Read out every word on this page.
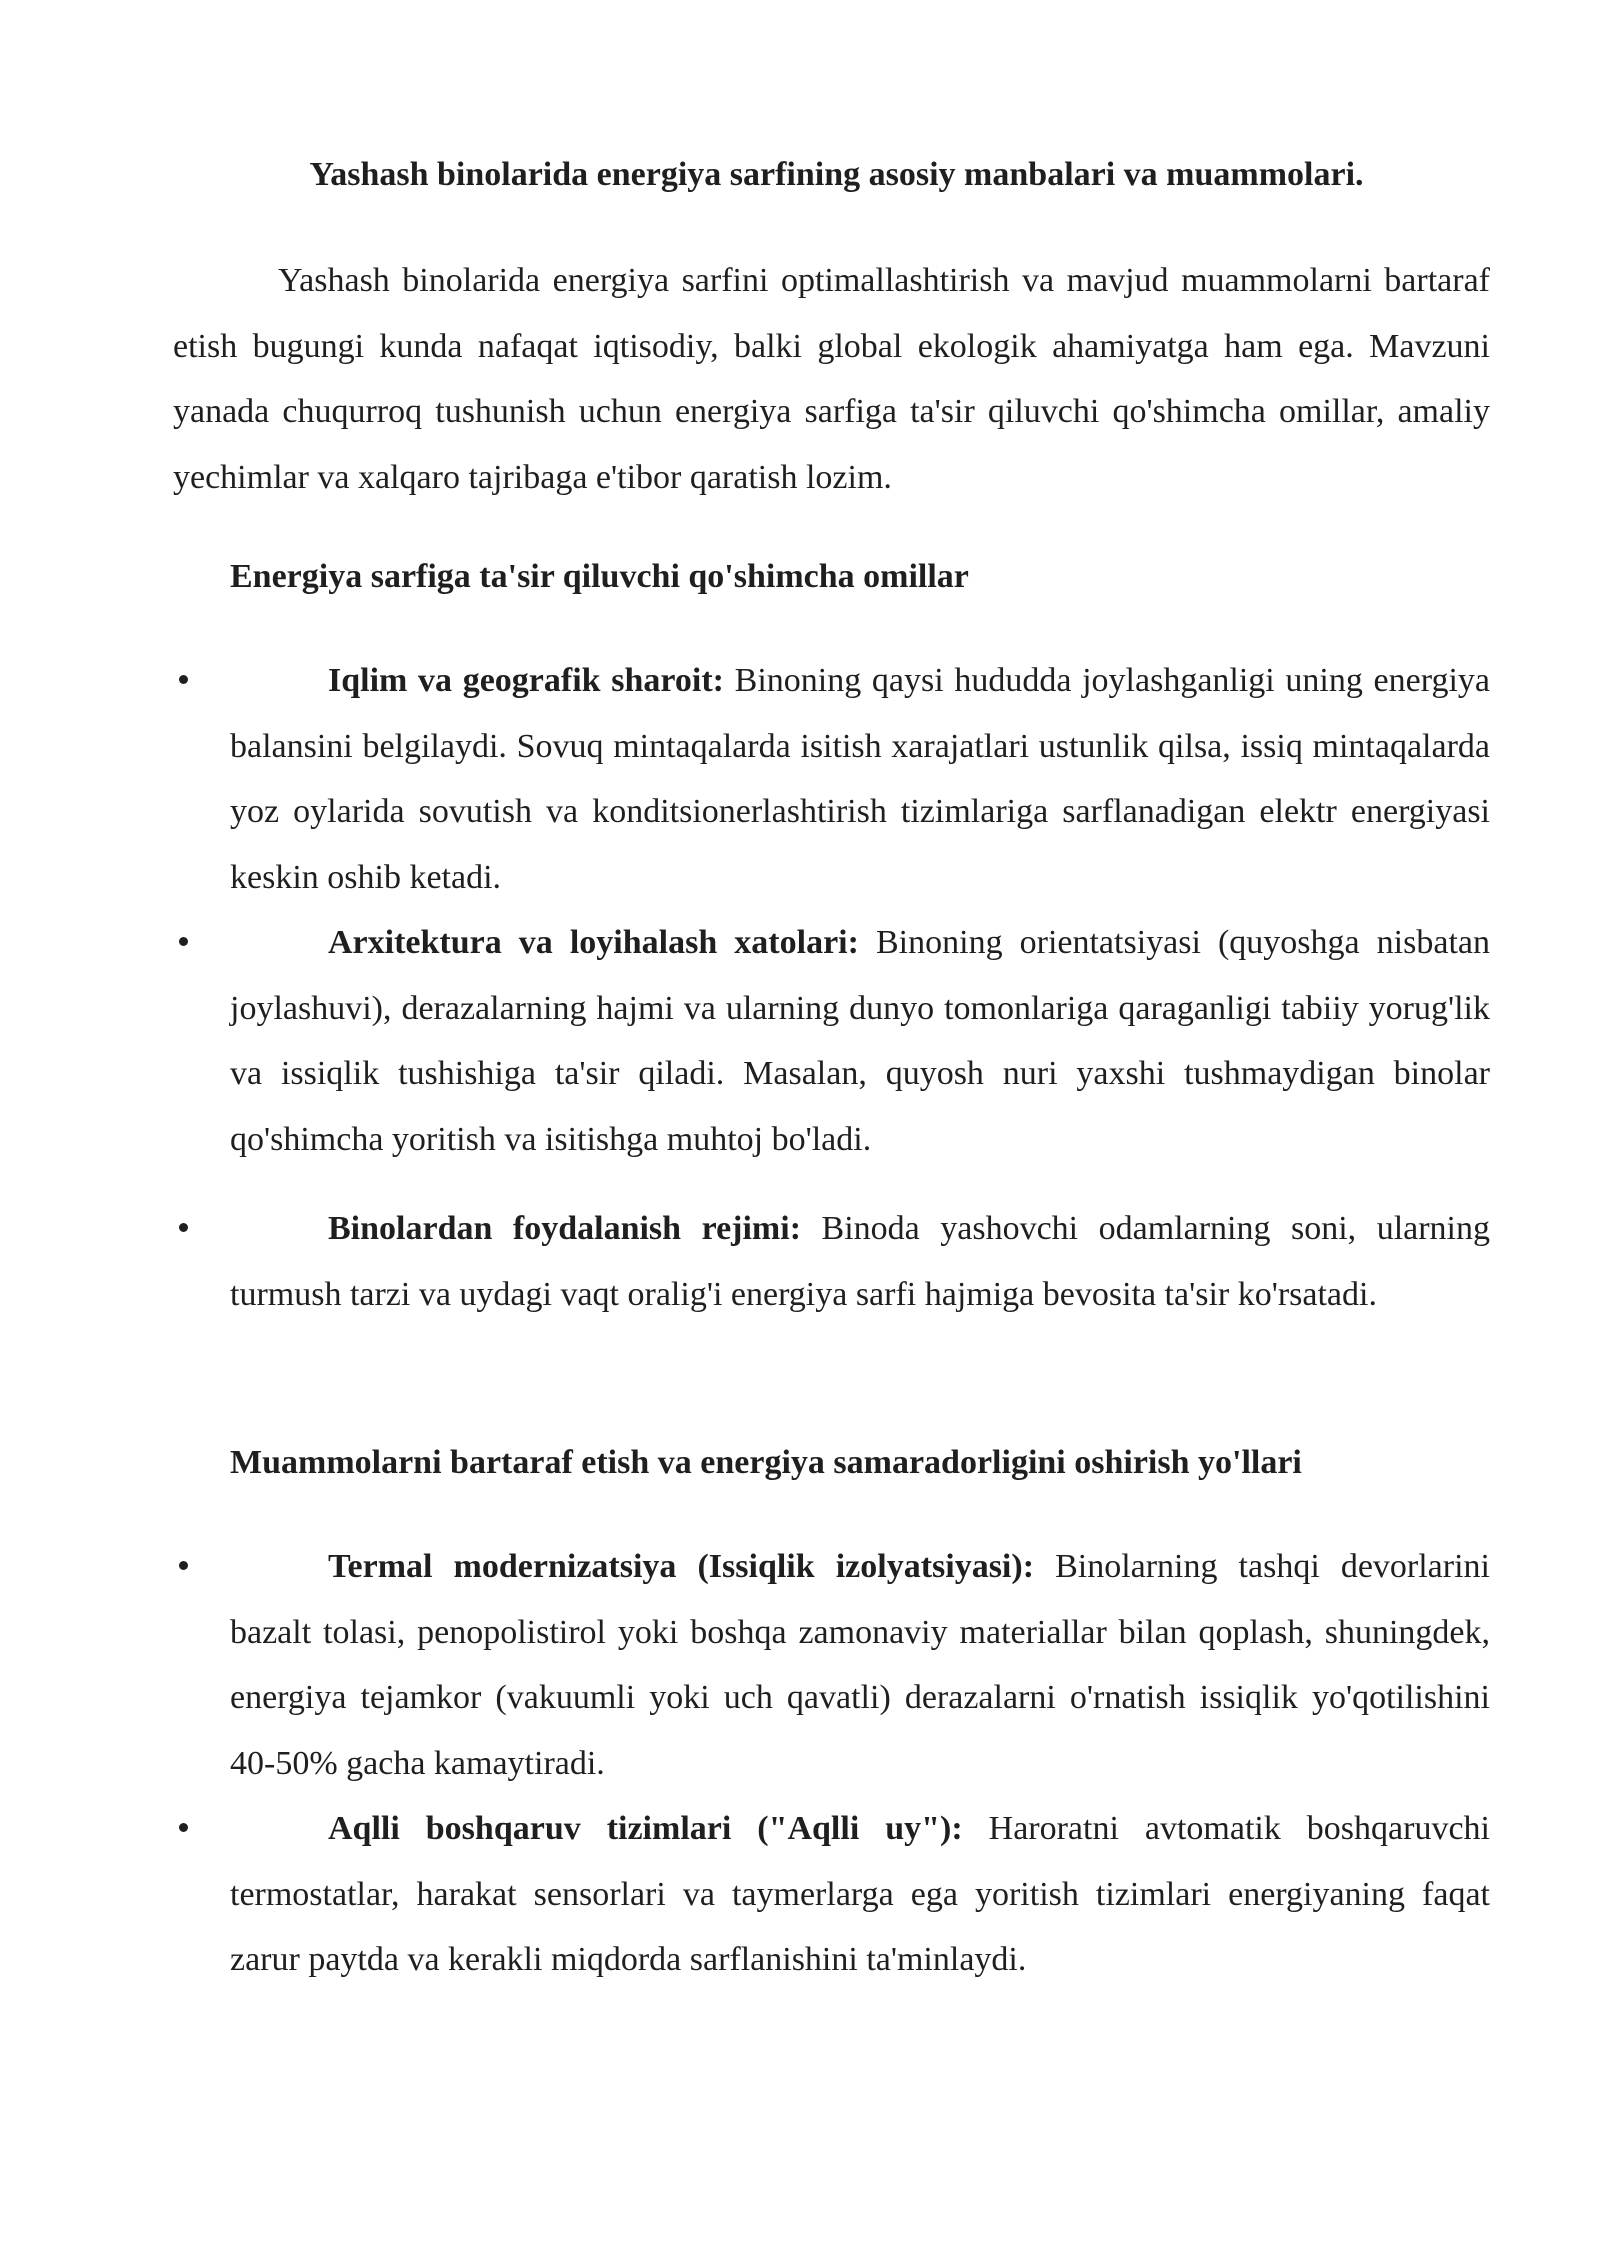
Yashash binolarida energiya sarfining asosiy manbalari va muammolari.

Yashash binolarida energiya sarfini optimallashtirish va mavjud muammolarni bartaraf etish bugungi kunda nafaqat iqtisodiy, balki global ekologik ahamiyatga ham ega. Mavzuni yanada chuqurroq tushunish uchun energiya sarfiga ta'sir qiluvchi qo'shimcha omillar, amaliy yechimlar va xalqaro tajribaga e'tibor qaratish lozim.

Energiya sarfiga ta'sir qiluvchi qo'shimcha omillar

Iqlim va geografik sharoit: Binoning qaysi hududda joylashganligi uning energiya balansini belgilaydi. Sovuq mintaqalarda isitish xarajatlari ustunlik qilsa, issiq mintaqalarda yoz oylarida sovutish va konditsionerlashtirish tizimlariga sarflanadigan elektr energiyasi keskin oshib ketadi.

Arxitektura va loyihalash xatolari: Binoning orientatsiyasi (quyoshga nisbatan joylashuvi), derazalarning hajmi va ularning dunyo tomonlariga qaraganligi tabiiy yorug'lik va issiqlik tushishiga ta'sir qiladi. Masalan, quyosh nuri yaxshi tushmaydigan binolar qo'shimcha yoritish va isitishga muhtoj bo'ladi.

Binolardan foydalanish rejimi: Binoda yashovchi odamlarning soni, ularning turmush tarzi va uydagi vaqt oralig'i energiya sarfi hajmiga bevosita ta'sir ko'rsatadi.

Muammolarni bartaraf etish va energiya samaradorligini oshirish yo'llari

Termal modernizatsiya (Issiqlik izolyatsiyasi): Binolarning tashqi devorlarini bazalt tolasi, penopolistirol yoki boshqa zamonaviy materiallar bilan qoplash, shuningdek, energiya tejamkor (vakuumli yoki uch qavatli) derazalarni o'rnatish issiqlik yo'qotilishini 40-50% gacha kamaytiradi.

Aqlli boshqaruv tizimlari ("Aqlli uy"): Haroratni avtomatik boshqaruvchi termostatlar, harakat sensorlari va taymerlarga ega yoritish tizimlari energiyaning faqat zarur paytda va kerakli miqdorda sarflanishini ta'minlaydi.
